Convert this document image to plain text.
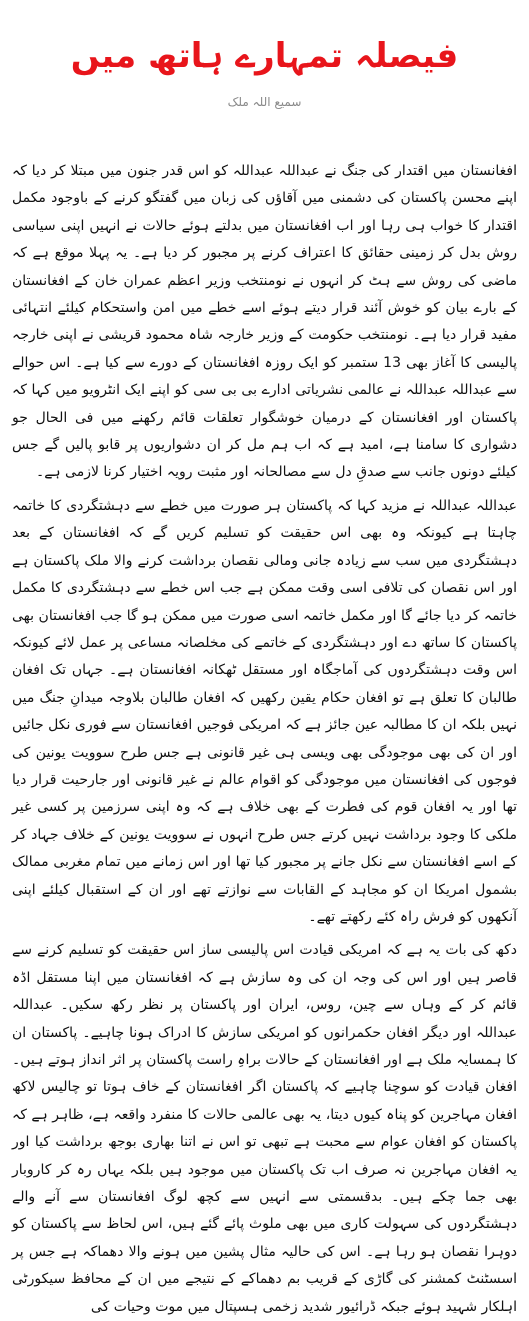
فیصلہ تمہارے ہاتھ میں
سمیع اللہ ملک

افغانستان میں اقتدار کی جنگ نے عبداللہ عبداللہ کو اس قدر جنون میں مبتلا کر دیا کہ اپنے محسن پاکستان کی دشمنی میں آقاؤں کی زبان میں گفتگو کرنے کے باوجود مکمل اقتدار کا خواب ہی رہا اور اب افغانستان میں بدلتے ہوئے حالات نے انہیں اپنی سیاسی روش بدل کر زمینی حقائق کا اعتراف کرنے پر مجبور کر دیا ہے۔ یہ پہلا موقع ہے کہ ماضی کی روش سے ہٹ کر انہوں نے نومنتخب وزیر اعظم عمران خان کے افغانستان کے بارے بیان کو خوش آئند قرار دیتے ہوئے اسے خطے میں امن واستحکام کیلئے انتہائی مفید قرار دیا ہے۔ نومنتخب حکومت کے وزیر خارجہ شاہ محمود قریشی نے اپنی خارجہ پالیسی کا آغاز بھی 13 ستمبر کو ایک روزہ افغانستان کے دورے سے کیا ہے۔ اس حوالے سے عبداللہ عبداللہ نے عالمی نشریاتی ادارے بی بی سی کو اپنے ایک انٹرویو میں کہا کہ پاکستان اور افغانستان کے درمیان خوشگوار تعلقات قائم رکھنے میں فی الحال جو دشواری کا سامنا ہے، امید ہے کہ اب ہم مل کر ان دشواریوں پر قابو پالیں گے جس کیلئے دونوں جانب سے صدقِ دل سے مصالحانہ اور مثبت رویہ اختیار کرنا لازمی ہے۔

عبداللہ عبداللہ نے مزید کہا کہ پاکستان ہر صورت میں خطے سے دہشتگردی کا خاتمہ چاہتا ہے کیونکہ وہ بھی اس حقیقت کو تسلیم کریں گے کہ افغانستان کے بعد دہشتگردی میں سب سے زیادہ جانی ومالی نقصان برداشت کرنے والا ملک پاکستان ہے اور اس نقصان کی تلافی اسی وقت ممکن ہے جب اس خطے سے دہشتگردی کا مکمل خاتمہ کر دیا جائے گا اور مکمل خاتمہ اسی صورت میں ممکن ہو گا جب افغانستان بھی پاکستان کا ساتھ دے اور دہشتگردی کے خاتمے کی مخلصانہ مساعی پر عمل لائے کیونکہ اس وقت دہشتگردوں کی آماجگاہ اور مستقل ٹھکانہ افغانستان ہے۔ جہاں تک افغان طالبان کا تعلق ہے تو افغان حکام یقین رکھیں کہ افغان طالبان بلاوجہ میدانِ جنگ میں نہیں بلکہ ان کا مطالبہ عین جائز ہے کہ امریکی فوجیں افغانستان سے فوری نکل جائیں اور ان کی بھی موجودگی بھی ویسی ہی غیر قانونی ہے جس طرح سوویت یونین کی فوجوں کی افغانستان میں موجودگی کو اقوام عالم نے غیر قانونی اور جارحیت قرار دیا تھا اور یہ افغان قوم کی فطرت کے بھی خلاف ہے کہ وہ اپنی سرزمین پر کسی غیر ملکی کا وجود برداشت نہیں کرتے جس طرح انہوں نے سوویت یونین کے خلاف جہاد کر کے اسے افغانستان سے نکل جانے پر مجبور کیا تھا اور اس زمانے میں تمام مغربی ممالک بشمول امریکا ان کو مجاہد کے القابات سے نوازتے تھے اور ان کے استقبال کیلئے اپنی آنکھوں کو فرش راہ کئے رکھتے تھے۔

دکھ کی بات یہ ہے کہ امریکی قیادت اس پالیسی ساز اس حقیقت کو تسلیم کرنے سے قاصر ہیں اور اس کی وجہ ان کی وہ سازش ہے کہ افغانستان میں اپنا مستقل اڈہ قائم کر کے وہاں سے چین، روس، ایران اور پاکستان پر نظر رکھ سکیں۔ عبداللہ عبداللہ اور دیگر افغان حکمرانوں کو امریکی سازش کا ادراک ہونا چاہیے۔ پاکستان ان کا ہمسایہ ملک ہے اور افغانستان کے حالات براہِ راست پاکستان پر اثر انداز ہوتے ہیں۔ افغان قیادت کو سوچنا چاہیے کہ پاکستان اگر افغانستان کے خاف ہوتا تو چالیس لاکھ افغان مہاجرین کو پناہ کیوں دیتا، یہ بھی عالمی حالات کا منفرد واقعہ ہے، ظاہر ہے کہ پاکستان کو افغان عوام سے محبت ہے تبھی تو اس نے اتنا بھاری بوجھ برداشت کیا اور یہ افغان مہاجرین نہ صرف اب تک پاکستان میں موجود ہیں بلکہ یہاں رہ کر کاروبار بھی جما چکے ہیں۔ بدقسمتی سے انہیں سے کچھ لوگ افغانستان سے آنے والے دہشتگردوں کی سہولت کاری میں بھی ملوث پائے گئے ہیں، اس لحاظ سے پاکستان کو دوہرا نقصان ہو رہا ہے۔ اس کی حالیہ مثال پشین میں ہونے والا دھماکہ ہے جس پر اسسٹنٹ کمشنر کی گاڑی کے قریب بم دھماکے کے نتیجے میں ان کے محافظ سیکورٹی اہلکار شہید ہوئے جبکہ ڈرائیور شدید زخمی ہسپتال میں موت وحیات کی
